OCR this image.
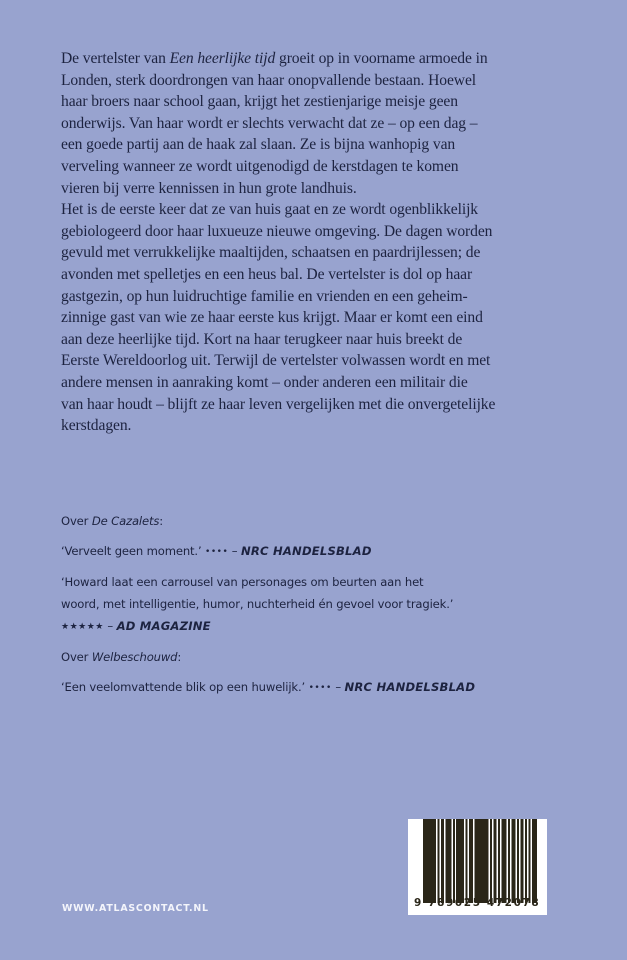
De vertelster van Een heerlijke tijd groeit op in voorname armoede in
Londen, sterk doordrongen van haar onopvallende bestaan. Hoewel
haar broers naar school gaan, krijgt het zestienjarige meisje geen
onderwijs. Van haar wordt er slechts verwacht dat ze – op een dag –
een goede partij aan de haak zal slaan. Ze is bijna wanhopig van
verveling wanneer ze wordt uitgenodigd de kerstdagen te komen
vieren bij verre kennissen in hun grote landhuis.
Het is de eerste keer dat ze van huis gaat en ze wordt ogenblikkelijk
gebiologeerd door haar luxueuze nieuwe omgeving. De dagen worden
gevuld met verrukkelijke maaltijden, schaatsen en paardrijlessen; de
avonden met spelletjes en een heus bal. De vertelster is dol op haar
gastgezin, op hun luidruchtige familie en vrienden en een geheim-
zinnige gast van wie ze haar eerste kus krijgt. Maar er komt een eind
aan deze heerlijke tijd. Kort na haar terugkeer naar huis breekt de
Eerste Wereldoorlog uit. Terwijl de vertelster volwassen wordt en met
andere mensen in aanraking komt – onder anderen een militair die
van haar houdt – blijft ze haar leven vergelijken met die onvergetelijke
kerstdagen.
Over De Cazalets:
‘Verveelt geen moment.’ •••• – NRC HANDELSBLAD
‘Howard laat een carrousel van personages om beurten aan het
woord, met intelligentie, humor, nuchterheid én gevoel voor tragiek.’
★★★★★ – AD MAGAZINE
Over Welbeschouwd:
‘Een veelomvattende blik op een huwelijk.’ •••• – NRC HANDELSBLAD
9 789025 472078
WWW.ATLASCONTACT.NL
